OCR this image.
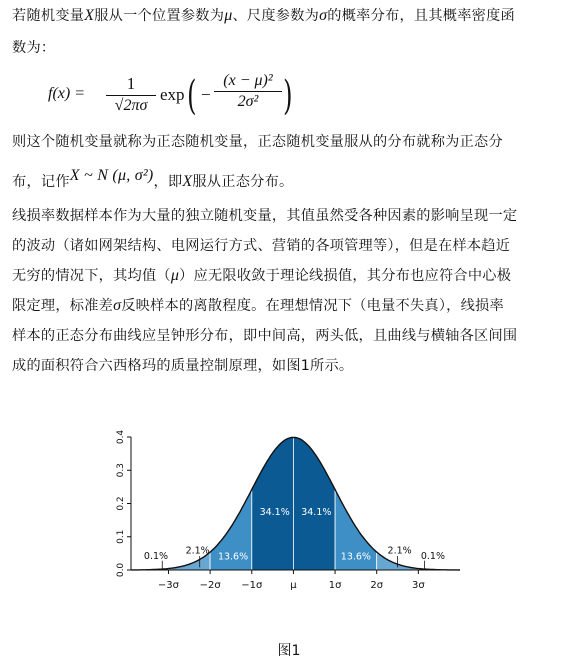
若随机变量X服从一个位置参数为μ、尺度参数为σ的概率分布，且其概率密度函
数为：
f(x) =
1
√2πσ
exp ( −
(x − μ)²
2σ² )
则这个随机变量就称为正态随机变量，正态随机变量服从的分布就称为正态分
布，记作X ~ N (μ, σ²)，即X服从正态分布。
线损率数据样本作为大量的独立随机变量，其值虽然受各种因素的影响呈现一定
的波动（诸如网架结构、电网运行方式、营销的各项管理等），但是在样本趋近
无穷的情况下，其均值（μ）应无限收敛于理论线损值，其分布也应符合中心极
限定理，标准差σ反映样本的离散程度。在理想情况下（电量不失真），线损率
样本的正态分布曲线应呈钟形分布，即中间高，两头低，且曲线与横轴各区间围
成的面积符合六西格玛的质量控制原理，如图1所示。
−3σ −2σ −1σ	μ	1σ	2σ	3σ
0.0
0.1
0.2
0.3
0.4
2.1%
13.6%
34.1% 34.1%
13.6%
2.1%
0.1%	0.1%
图1
